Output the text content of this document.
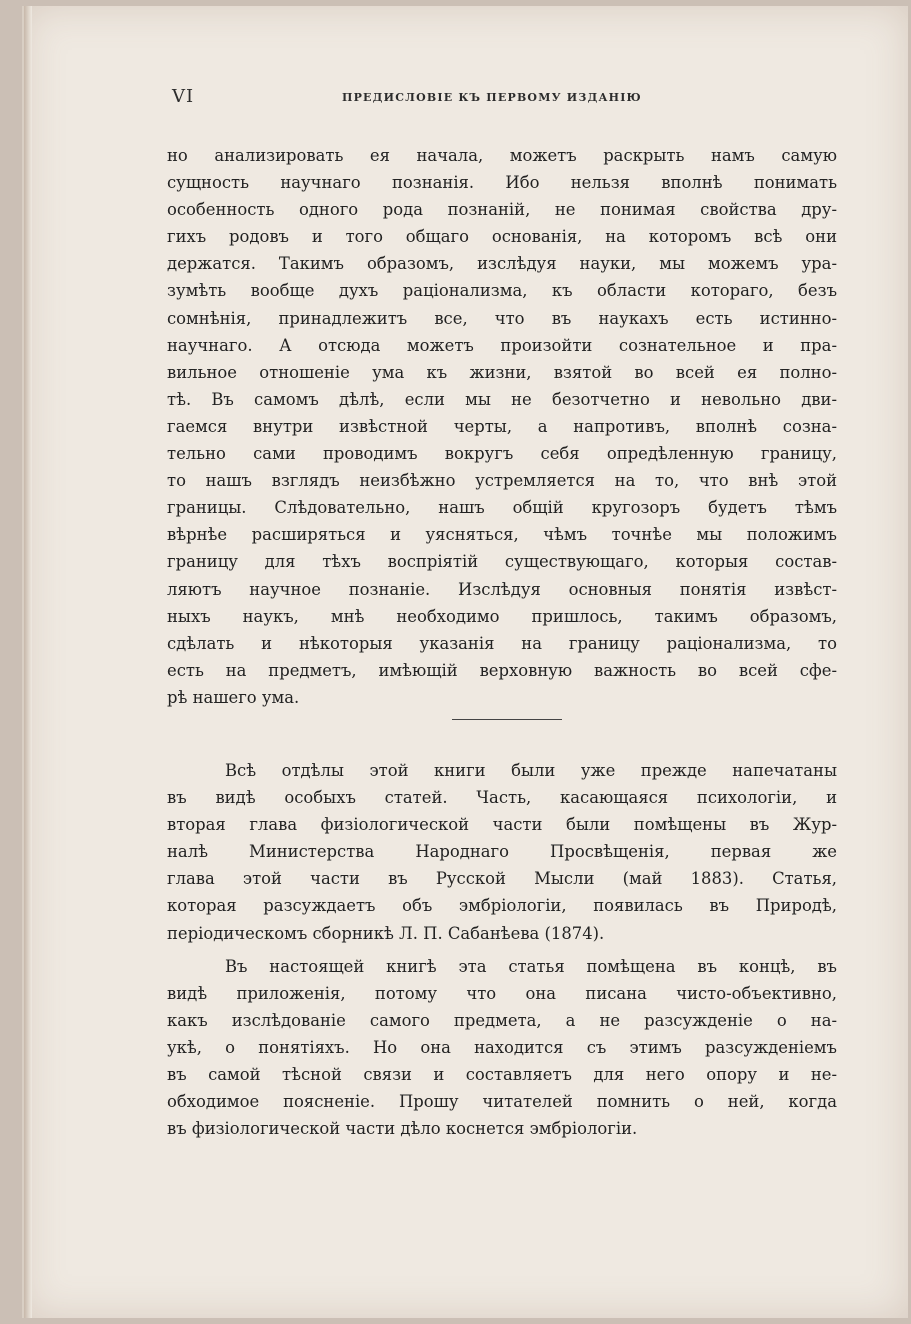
VI	ПРЕДИСЛОВІЕ КЪ ПЕРВОМУ ИЗДАНІЮ
но анализировать ея начала, можетъ раскрыть намъ самую
сущность научнаго познанія. Ибо нельзя вполнѣ понимать
особенность одного рода познаній, не понимая свойства дру-
гихъ родовъ и того общаго основанія, на которомъ всѣ они
держатся. Такимъ образомъ, изслѣдуя науки, мы можемъ ура-
зумѣть вообще духъ раціонализма, къ области котораго, безъ
сомнѣнія, принадлежитъ все, что въ наукахъ есть истинно-
научнаго. А отсюда можетъ произойти сознательное и пра-
вильное отношеніе ума къ жизни, взятой во всей ея полно-
тѣ. Въ самомъ дѣлѣ, если мы не безотчетно и невольно дви-
гаемся внутри извѣстной черты, а напротивъ, вполнѣ созна-
тельно сами проводимъ вокругъ себя опредѣленную границу,
то нашъ взглядъ неизбѣжно устремляется на то, что внѣ этой
границы. Слѣдовательно, нашъ общій кругозоръ будетъ тѣмъ
вѣрнѣе расширяться и уясняться, чѣмъ точнѣе мы положимъ
границу для тѣхъ воспріятій существующаго, которыя состав-
ляютъ научное познаніе. Изслѣдуя основныя понятія извѣст-
ныхъ наукъ, мнѣ необходимо пришлось, такимъ образомъ,
сдѣлать и нѣкоторыя указанія на границу раціонализма, то
есть на предметъ, имѣющій верховную важность во всей сфе-
рѣ нашего ума.
Всѣ отдѣлы этой книги были уже прежде напечатаны
въ видѣ особыхъ статей. Часть, касающаяся психологіи, и
вторая глава физіологической части были помѣщены въ Жур-
налѣ Министерства Народнаго Просвѣщенія, первая же
глава этой части въ Русской Мысли (май 1883). Статья,
которая разсуждаетъ объ эмбріологіи, появилась въ Природѣ,
періодическомъ сборникѣ Л. П. Сабанѣева (1874).
Въ настоящей книгѣ эта статья помѣщена въ концѣ, въ
видѣ приложенія, потому что она писана чисто-объективно,
какъ изслѣдованіе самого предмета, а не разсужденіе о на-
укѣ, о понятіяхъ. Но она находится съ этимъ разсужденіемъ
въ самой тѣсной связи и составляетъ для него опору и не-
обходимое поясненіе. Прошу читателей помнить о ней, когда
въ физіологической части дѣло коснется эмбріологіи.
